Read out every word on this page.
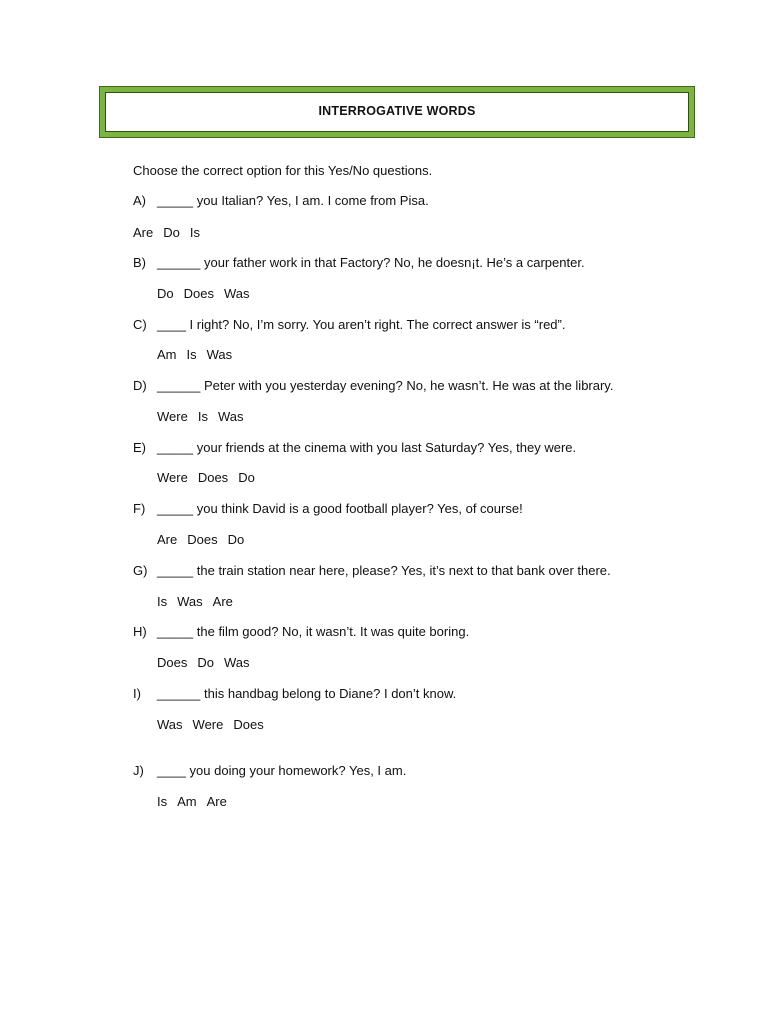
INTERROGATIVE WORDS
Choose the correct option for this Yes/No questions.
A) _____ you Italian? Yes, I am. I come from Pisa.
Are Do Is
B) ______ your father work in that Factory? No, he doesn¡t. He’s a carpenter.
Do Does Was
C) ____ I right? No, I’m sorry. You aren’t right. The correct answer is “red”.
Am Is Was
D) ______ Peter with you yesterday evening? No, he wasn’t. He was at the library.
Were Is Was
E) _____ your friends at the cinema with you last Saturday? Yes, they were.
Were Does Do
F) _____ you think David is a good football player? Yes, of course!
Are Does Do
G) _____ the train station near here, please? Yes, it’s next to that bank over there.
Is Was Are
H) _____ the film good? No, it wasn’t. It was quite boring.
Does Do Was
I) ______ this handbag belong to Diane? I don’t know.
Was Were Does
J) ____ you doing your homework? Yes, I am.
Is Am Are
